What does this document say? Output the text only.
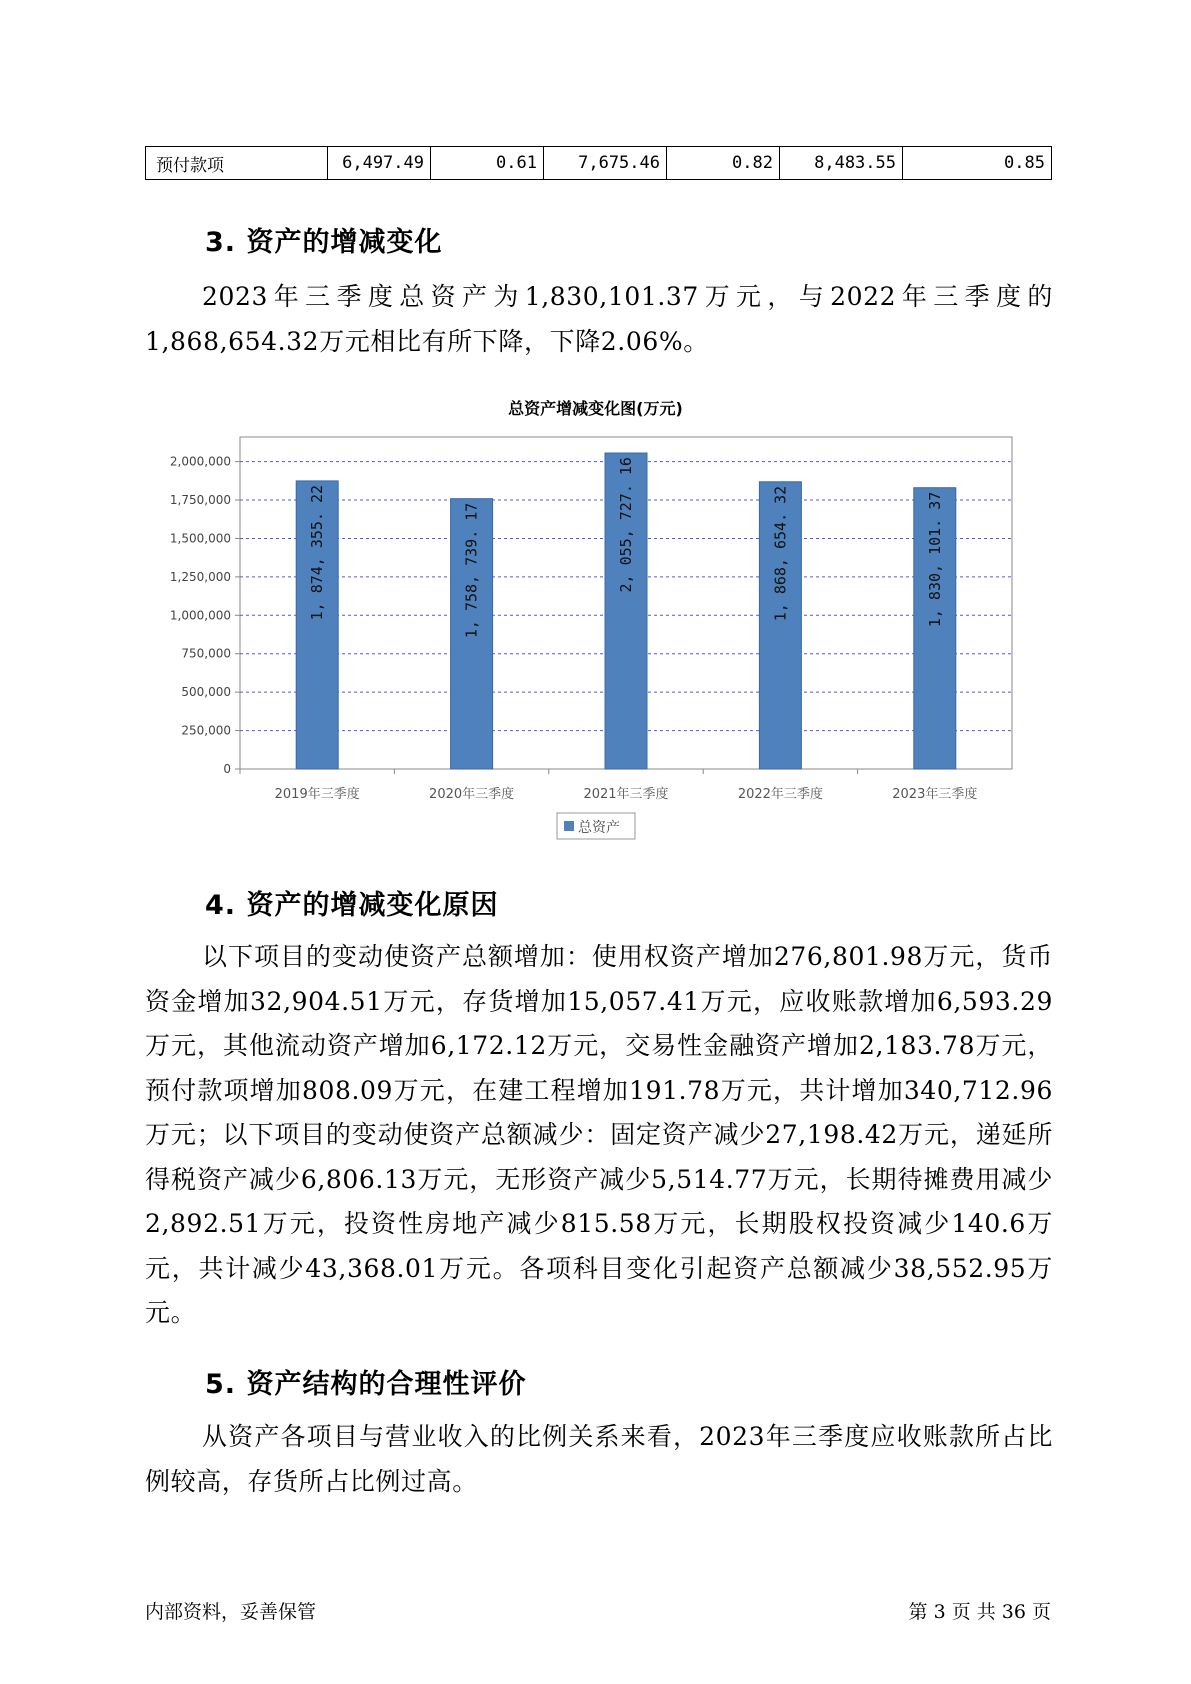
预付款项	6,497.49	0.61	7,675.46	0.82	8,483.55	0.85
3. 资产的增减变化

2023年三季度总资产为1,830,101.37万元，与2022年三季度的1,868,654.32万元相比有所下降，下降2.06%。

总资产增减变化图(万元)
0
250,000
500,000
750,000
1,000,000
1,250,000
1,500,000
1,750,000
2,000,000
2019年三季度
1, 874, 355. 22
2020年三季度
1, 758, 739. 17
2021年三季度
2, 055, 727. 16
2022年三季度
1, 868, 654. 32
2023年三季度
1, 830, 101. 37
总资产
4. 资产的增减变化原因

以下项目的变动使资产总额增加：使用权资产增加276,801.98万元，货币资金增加32,904.51万元，存货增加15,057.41万元，应收账款增加6,593.29万元，其他流动资产增加6,172.12万元，交易性金融资产增加2,183.78万元，预付款项增加808.09万元，在建工程增加191.78万元，共计增加340,712.96万元；以下项目的变动使资产总额减少：固定资产减少27,198.42万元，递延所得税资产减少6,806.13万元，无形资产减少5,514.77万元，长期待摊费用减少2,892.51万元，投资性房地产减少815.58万元，长期股权投资减少140.6万元，共计减少43,368.01万元。各项科目变化引起资产总额减少38,552.95万元。

5. 资产结构的合理性评价

从资产各项目与营业收入的比例关系来看，2023年三季度应收账款所占比例较高，存货所占比例过高。

内部资料，妥善保管	第 3 页 共 36 页
